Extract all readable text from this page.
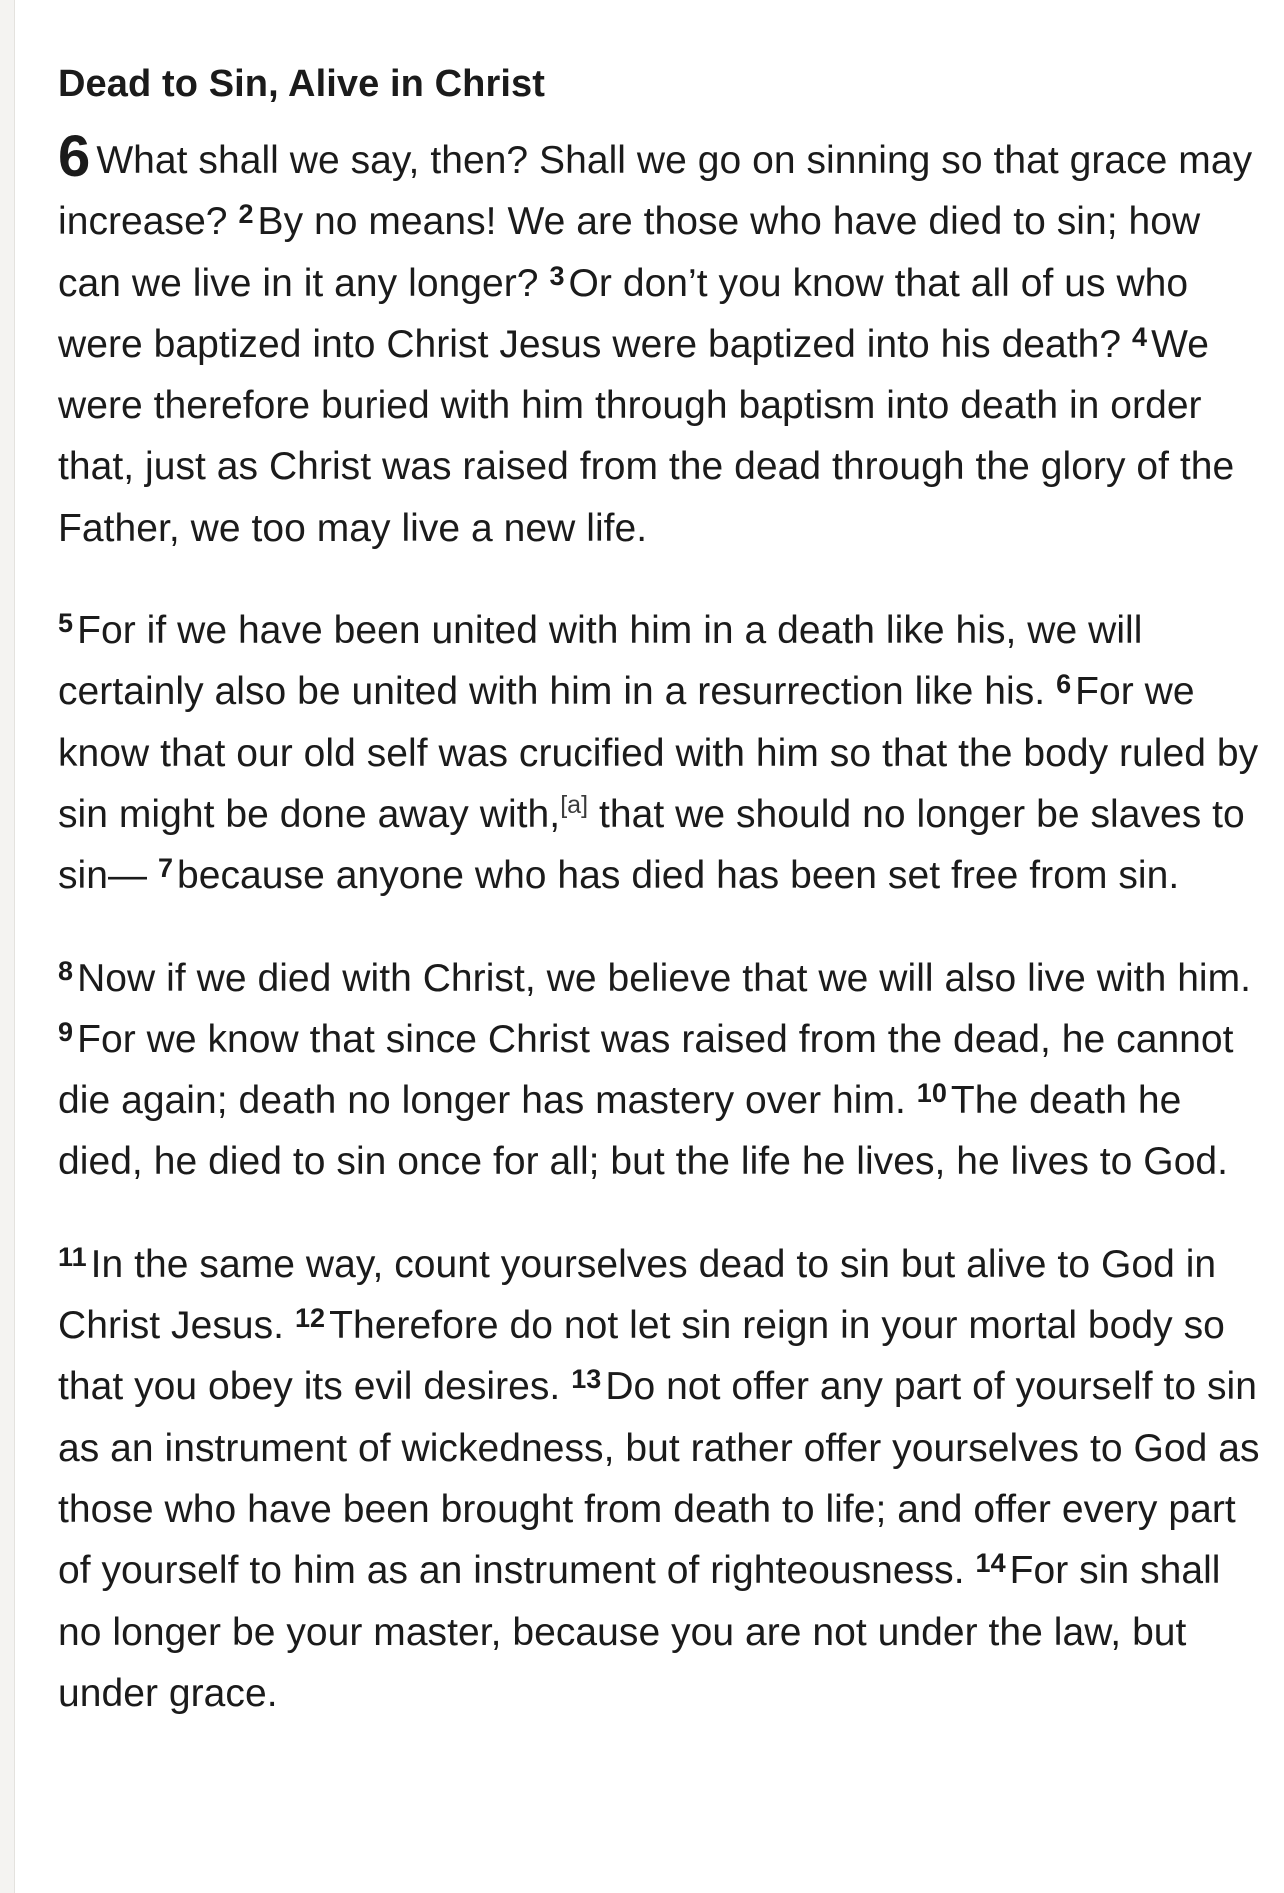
Dead to Sin, Alive in Christ

6 What shall we say, then? Shall we go on sinning so that grace may increase? $^2$ By no means! We are those who have died to sin; how can we live in it any longer? $^3$ Or don’t you know that all of us who were baptized into Christ Jesus were baptized into his death? $^4$ We were therefore buried with him through baptism into death in order that, just as Christ was raised from the dead through the glory of the Father, we too may live a new life.

$^5$ For if we have been united with him in a death like his, we will certainly also be united with him in a resurrection like his. $^6$ For we know that our old self was crucified with him so that the body ruled by sin might be done away with,[a] that we should no longer be slaves to sin— $^7$ because anyone who has died has been set free from sin.

$^8$ Now if we died with Christ, we believe that we will also live with him. $^9$ For we know that since Christ was raised from the dead, he cannot die again; death no longer has mastery over him. $^{10}$ The death he died, he died to sin once for all; but the life he lives, he lives to God.

$^{11}$ In the same way, count yourselves dead to sin but alive to God in Christ Jesus. $^{12}$ Therefore do not let sin reign in your mortal body so that you obey its evil desires. $^{13}$ Do not offer any part of yourself to sin as an instrument of wickedness, but rather offer yourselves to God as those who have been brought from death to life; and offer every part of yourself to him as an instrument of righteousness. $^{14}$ For sin shall no longer be your master, because you are not under the law, but under grace.
